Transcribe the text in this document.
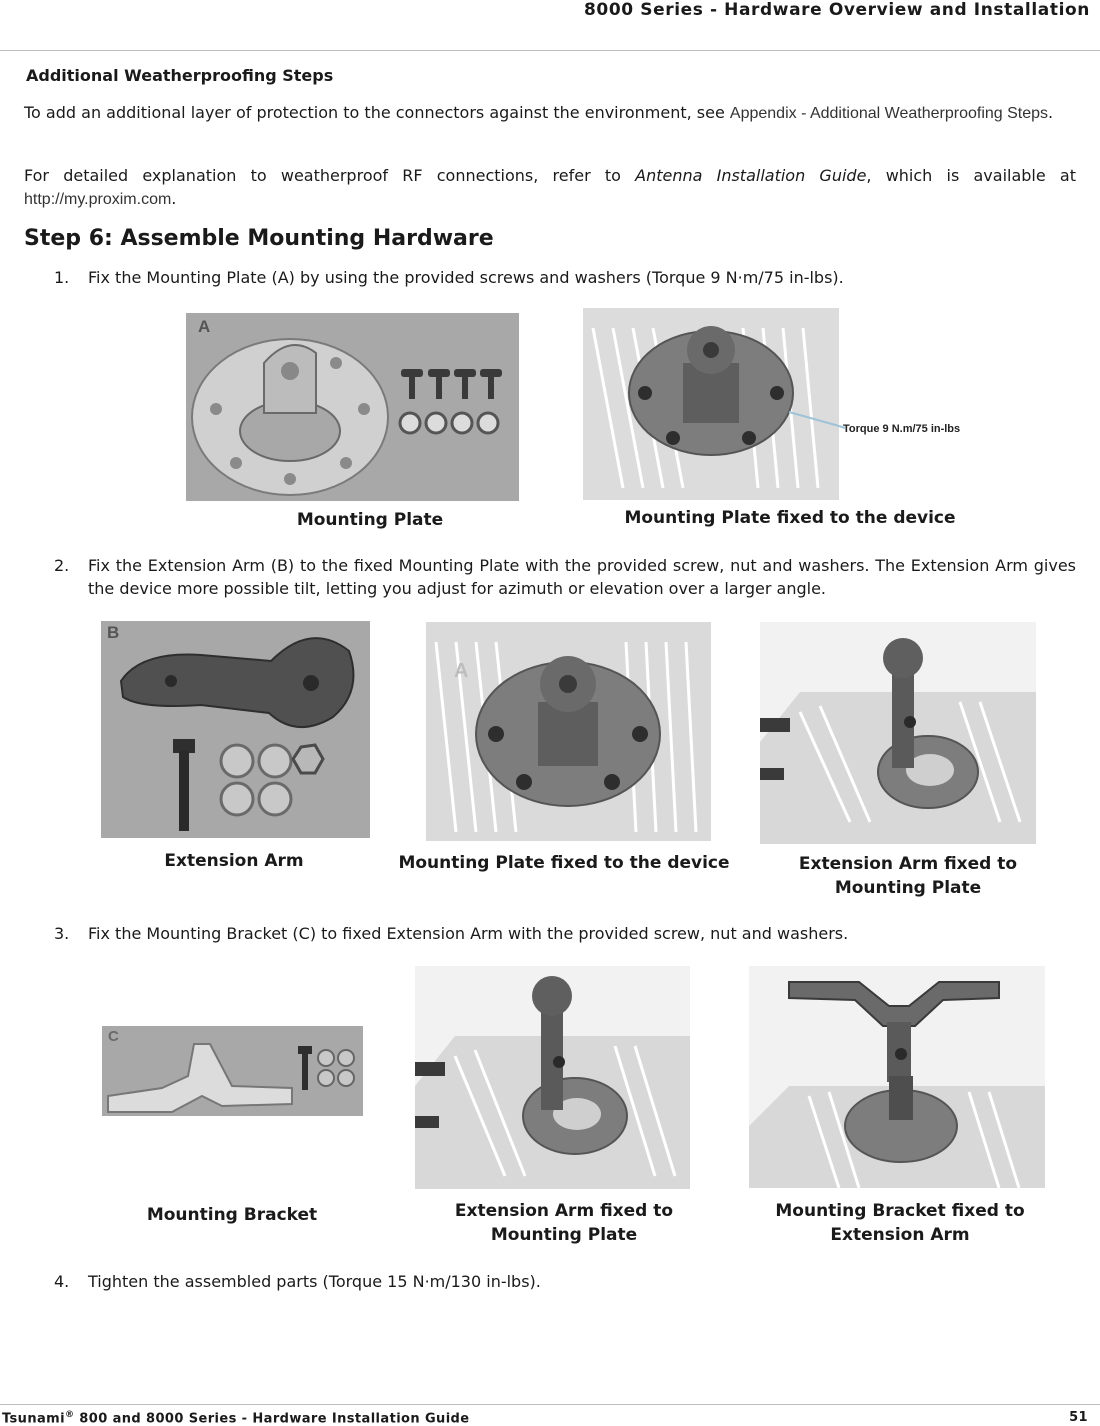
8000 Series - Hardware Overview and Installation
Additional Weatherproofing Steps
To add an additional layer of protection to the connectors against the environment, see Appendix - Additional Weatherproofing Steps.
For detailed explanation to weatherproof RF connections, refer to Antenna Installation Guide, which is available at http://my.proxim.com.
Step 6: Assemble Mounting Hardware
1. Fix the Mounting Plate (A) by using the provided screws and washers (Torque 9 N·m/75 in-lbs).
A
Torque 9 N.m/75 in-lbs
Mounting Plate	Mounting Plate fixed to the device
2. Fix the Extension Arm (B) to the fixed Mounting Plate with the provided screw, nut and washers. The Extension Arm gives the device more possible tilt, letting you adjust for azimuth or elevation over a larger angle.
B
A
Extension Arm	Mounting Plate fixed to the device	Extension Arm fixed to
Mounting Plate
3. Fix the Mounting Bracket (C) to fixed Extension Arm with the provided screw, nut and washers.
C
Mounting Bracket	Extension Arm fixed to
Mounting Plate
Mounting Bracket fixed to
Extension Arm
4. Tighten the assembled parts (Torque 15 N·m/130 in-lbs).
Tsunami® 800 and 8000 Series - Hardware Installation Guide	51
